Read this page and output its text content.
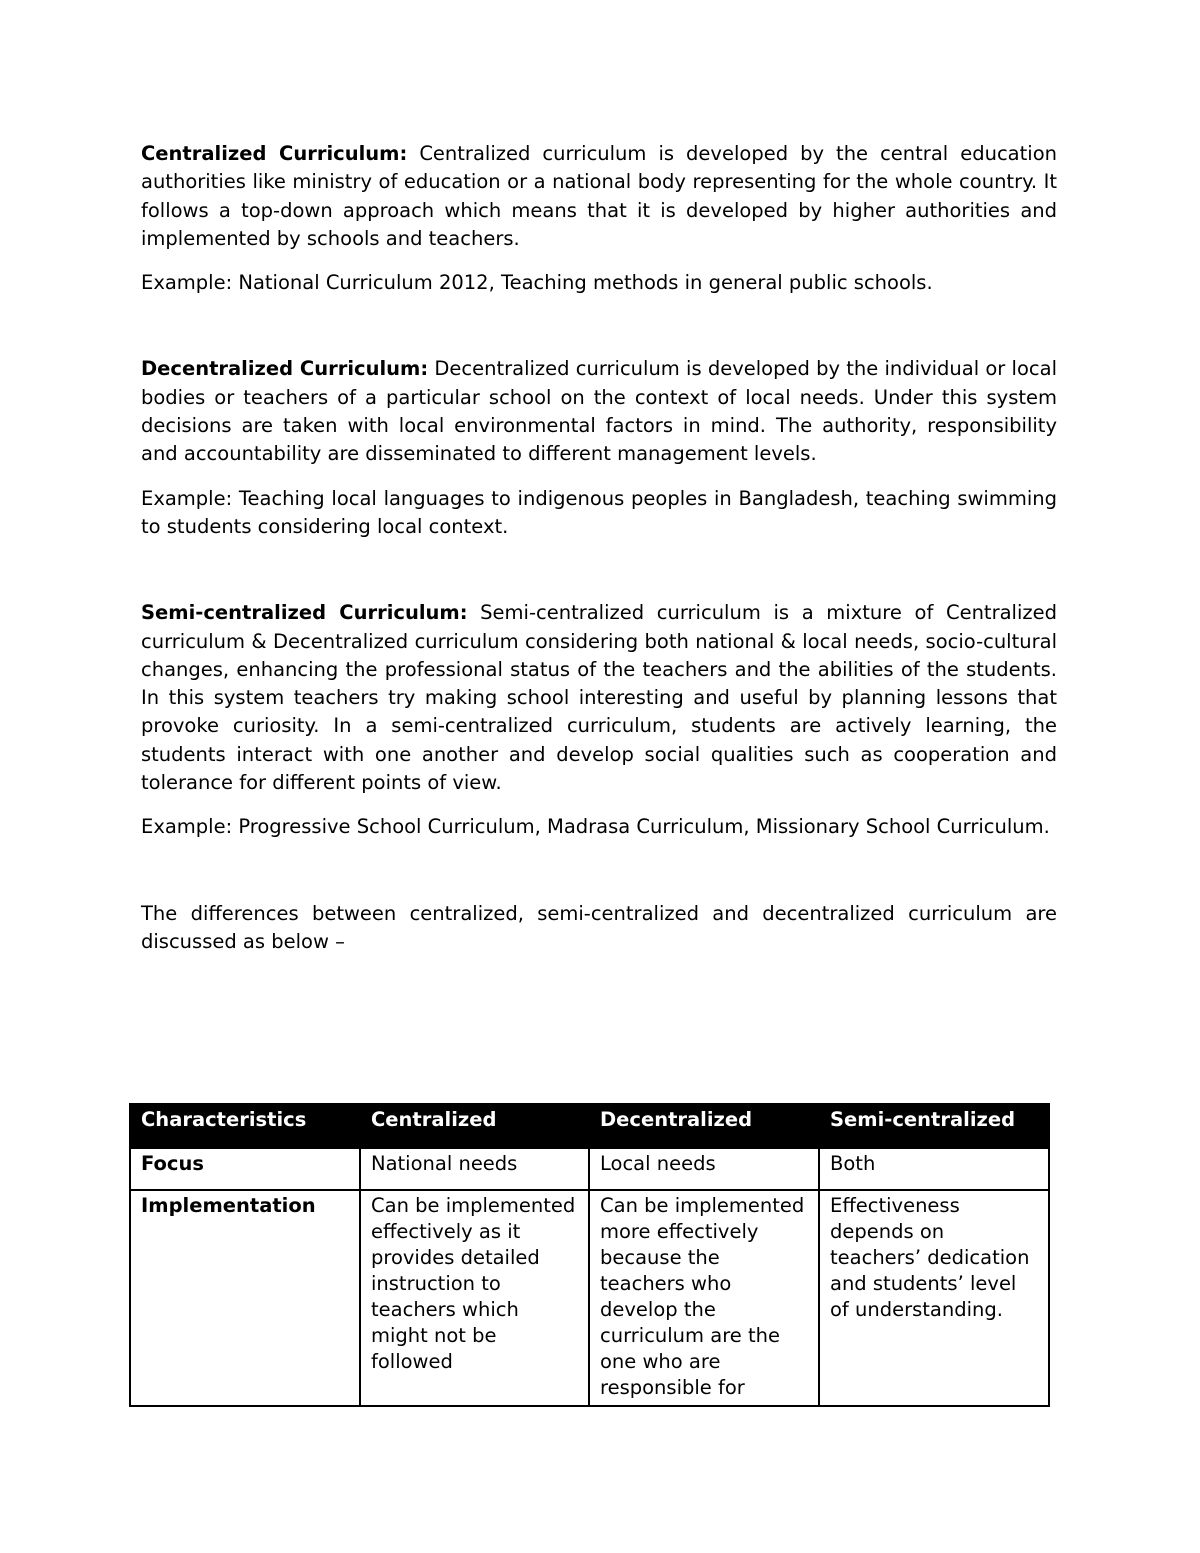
Centralized Curriculum: Centralized curriculum is developed by the central education authorities like ministry of education or a national body representing for the whole country. It follows a top-down approach which means that it is developed by higher authorities and implemented by schools and teachers.

Example: National Curriculum 2012, Teaching methods in general public schools.

Decentralized Curriculum: Decentralized curriculum is developed by the individual or local bodies or teachers of a particular school on the context of local needs. Under this system decisions are taken with local environmental factors in mind. The authority, responsibility and accountability are disseminated to different management levels.

Example: Teaching local languages to indigenous peoples in Bangladesh, teaching swimming to students considering local context.

Semi-centralized Curriculum: Semi-centralized curriculum is a mixture of Centralized curriculum & Decentralized curriculum considering both national & local needs, socio-cultural changes, enhancing the professional status of the teachers and the abilities of the students. In this system teachers try making school interesting and useful by planning lessons that provoke curiosity. In a semi-centralized curriculum, students are actively learning, the students interact with one another and develop social qualities such as cooperation and tolerance for different points of view.

Example: Progressive School Curriculum, Madrasa Curriculum, Missionary School Curriculum.

The differences between centralized, semi-centralized and decentralized curriculum are discussed as below –

Characteristics	Centralized	Decentralized	Semi-centralized
Focus	National needs	Local needs	Both
Implementation	Can be implemented effectively as it provides detailed instruction to teachers which might not be followed	Can be implemented more effectively because the teachers who develop the curriculum are the one who are responsible for	Effectiveness depends on teachers’ dedication and students’ level of understanding.
